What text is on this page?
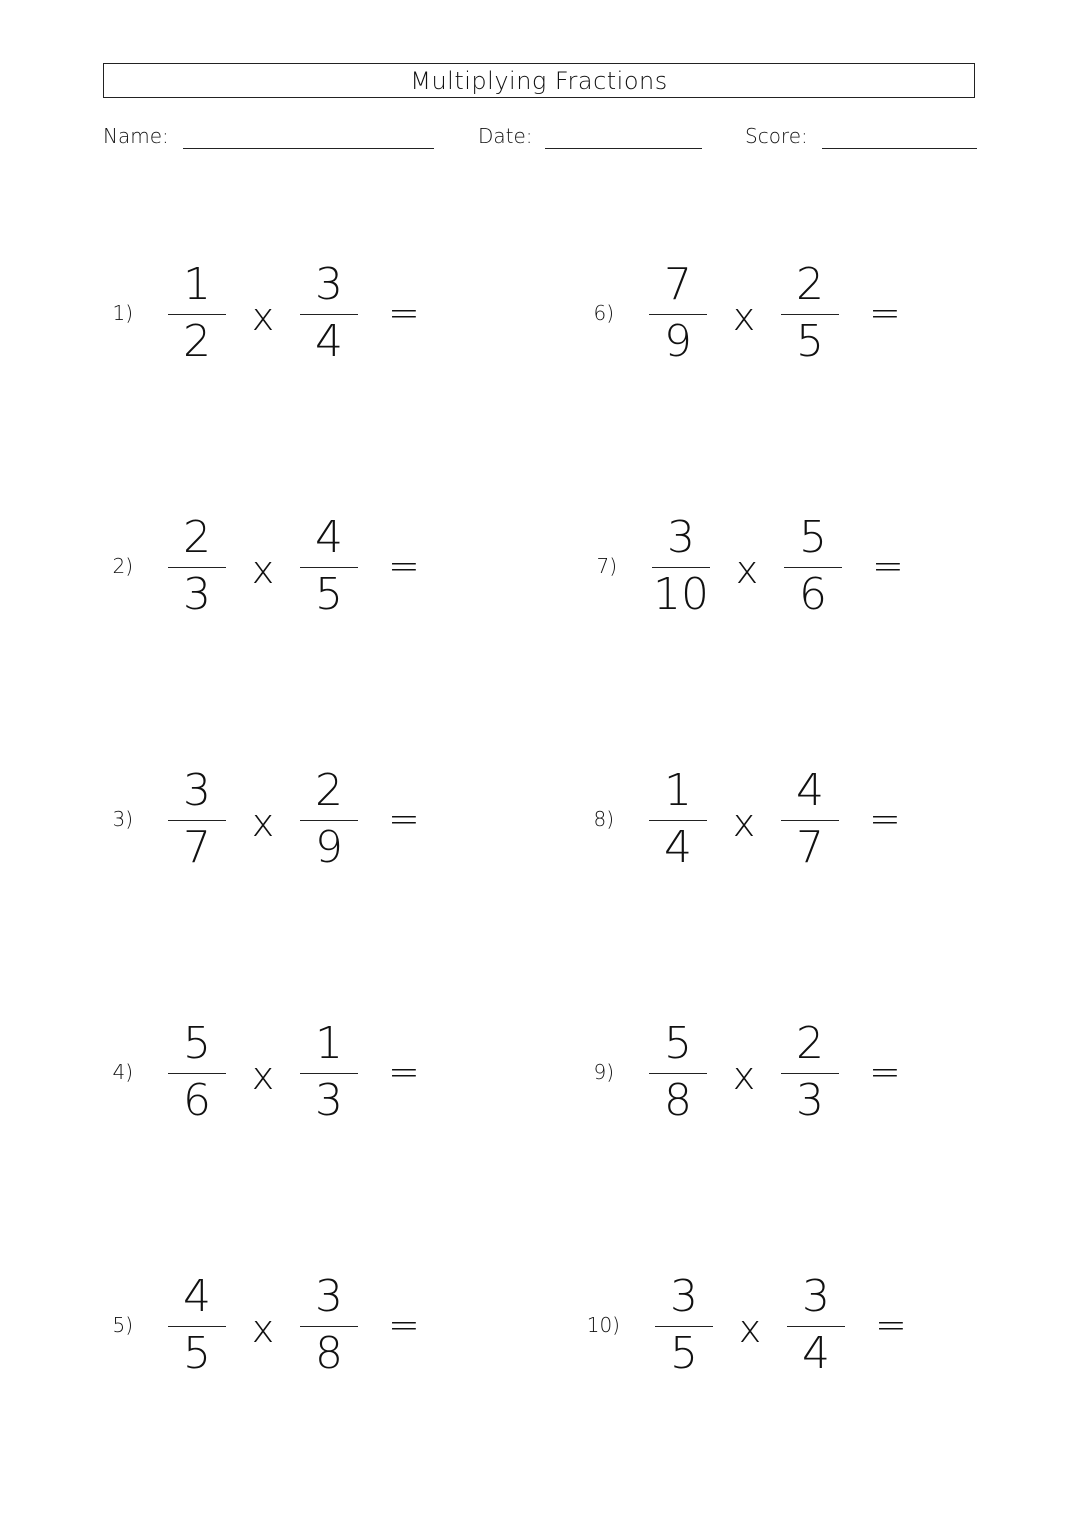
Multiplying Fractions
Name:	Date:	Score:
$1) \frac{1}{2}$ x $\frac{3}{4}$ =
$2) \frac{2}{3}$ x $\frac{4}{5}$ =
$3) \frac{3}{7}$ x $\frac{2}{9}$ =
$4) \frac{5}{6}$ x $\frac{1}{3}$ =
$5) \frac{4}{5}$ x $\frac{3}{8}$ =
$6) \frac{7}{9}$ x $\frac{2}{5}$ =
$7) \frac{3}{10}$ x $\frac{5}{6}$ =
$8) \frac{1}{4}$ x $\frac{4}{7}$ =
$9) \frac{5}{8}$ x $\frac{2}{3}$ =
$10) \frac{3}{5}$ x $\frac{3}{4}$ =
